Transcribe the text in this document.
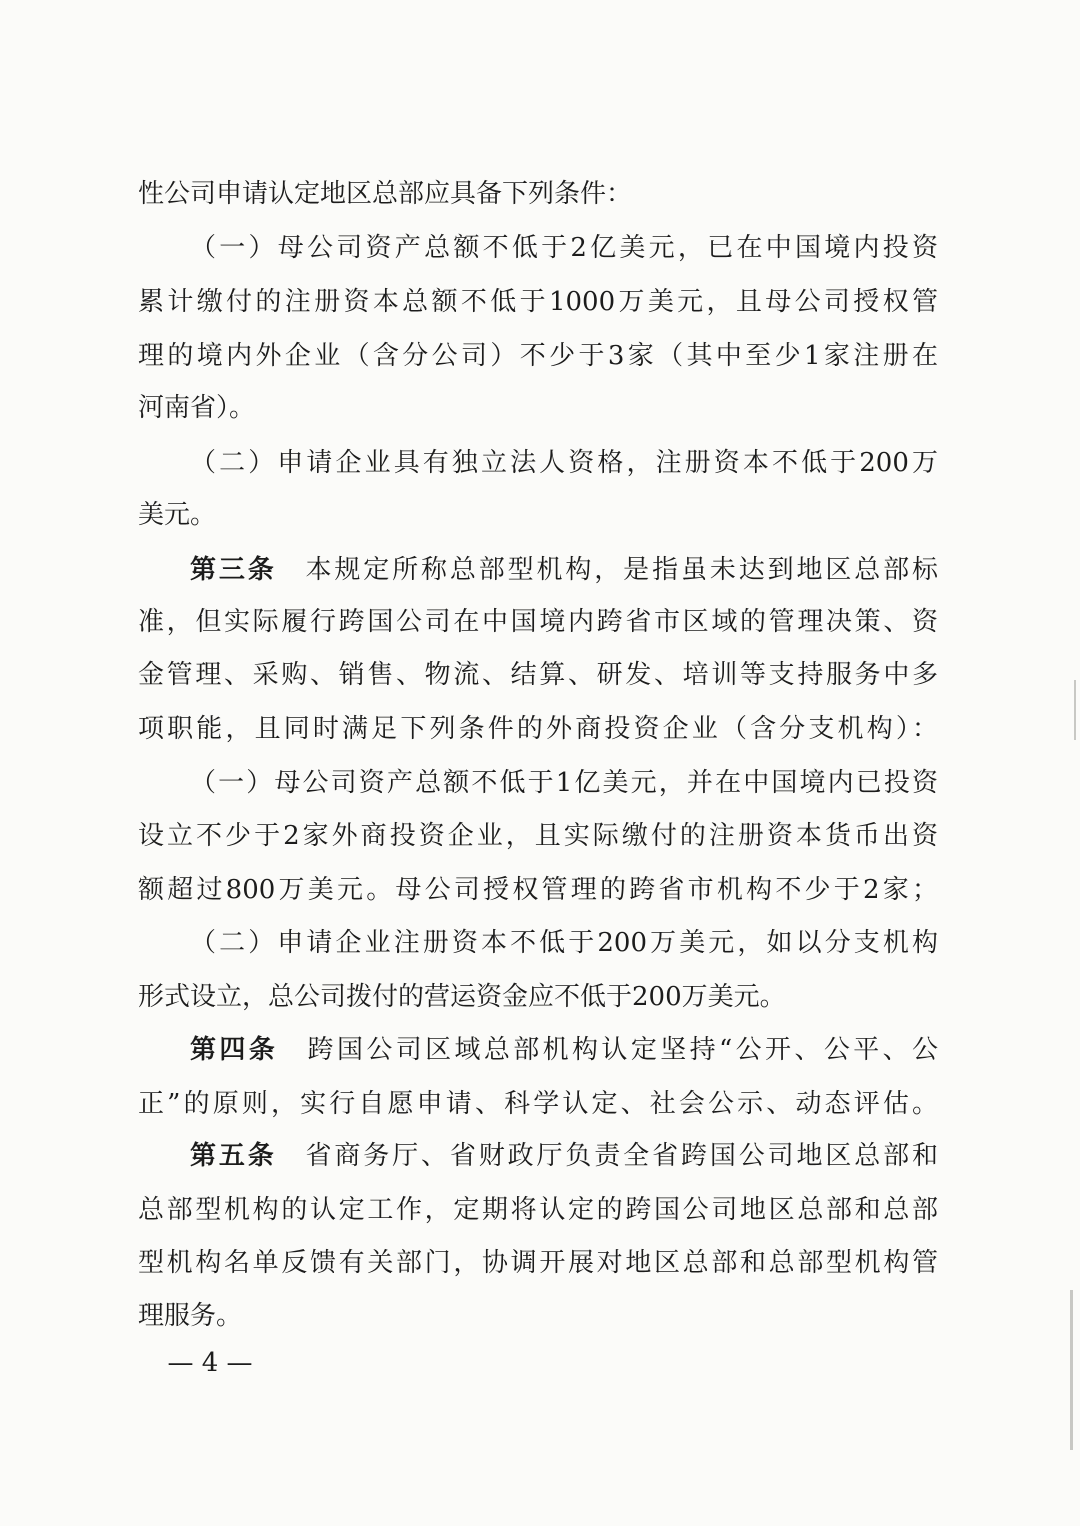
性公司申请认定地区总部应具备下列条件：
（一）母公司资产总额不低于2亿美元，已在中国境内投资
累计缴付的注册资本总额不低于1000万美元，且母公司授权管
理的境内外企业（含分公司）不少于3家（其中至少1家注册在
河南省）。
（二）申请企业具有独立法人资格，注册资本不低于200万
美元。
第三条 本规定所称总部型机构，是指虽未达到地区总部标
准，但实际履行跨国公司在中国境内跨省市区域的管理决策、资
金管理、采购、销售、物流、结算、研发、培训等支持服务中多
项职能，且同时满足下列条件的外商投资企业（含分支机构）：
（一）母公司资产总额不低于1亿美元，并在中国境内已投资
设立不少于2家外商投资企业，且实际缴付的注册资本货币出资
额超过800万美元。母公司授权管理的跨省市机构不少于2家；
（二）申请企业注册资本不低于200万美元，如以分支机构
形式设立，总公司拨付的营运资金应不低于200万美元。
第四条 跨国公司区域总部机构认定坚持“公开、公平、公
正”的原则，实行自愿申请、科学认定、社会公示、动态评估。
第五条 省商务厅、省财政厅负责全省跨国公司地区总部和
总部型机构的认定工作，定期将认定的跨国公司地区总部和总部
型机构名单反馈有关部门，协调开展对地区总部和总部型机构管
理服务。
— 4 —
